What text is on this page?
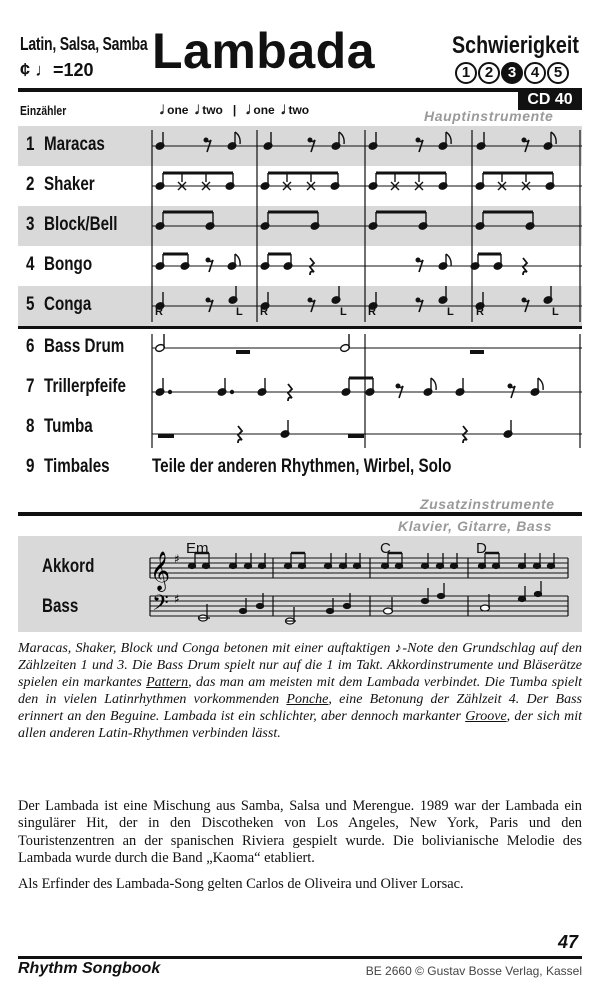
Latin, Salsa, Samba
¢ ♩=120 Lambada	Schwierigkeit
1 2 3 4 5
CD 40
Einzähler	𝅗𝅥 one  𝅗𝅥 two   |   𝅗𝅥 one  𝅗𝅥 two	Hauptinstrumente
1 Maracas
2 Shaker
3 Block/Bell
4 Bongo
5 Conga
6 Bass Drum
7 Trillerpfeife
8 Tumba
9 Timbales Teile der anderen Rhythmen, Wirbel, Solo
R	L R	L R	L R	L
Zusatzinstrumente
Klavier, Gitarre, Bass
Akkord
Bass
Em	C	D
𝄞
𝄢
♯
♯
Maracas, Shaker, Block und Conga betonen mit einer auftaktigen ♪-Note den Grundschlag auf den Zählzeiten 1 und 3. Die Bass Drum spielt nur auf die 1 im Takt. Akkordinstrumente und Bläserätze spielen ein markantes Pattern, das man am meisten mit dem Lambada verbindet. Die Tumba spielt den in vielen Latinrhythmen vorkommenden Ponche, eine Betonung der Zählzeit 4. Der Bass erinnert an den Beguine. Lambada ist ein schlichter, aber dennoch markanter Groove, der sich mit allen anderen Latin-Rhythmen verbinden lässt.
Der Lambada ist eine Mischung aus Samba, Salsa und Merengue. 1989 war der Lambada ein singulärer Hit, der in den Discotheken von Los Angeles, New York, Paris und den Touristenzentren an der spanischen Riviera gespielt wurde. Die bolivianische Melodie des Lambada wurde durch die Band „Kaoma“ etabliert.
Als Erfinder des Lambada-Song gelten Carlos de Oliveira und Oliver Lorsac.
47
Rhythm Songbook	BE 2660 © Gustav Bosse Verlag, Kassel
